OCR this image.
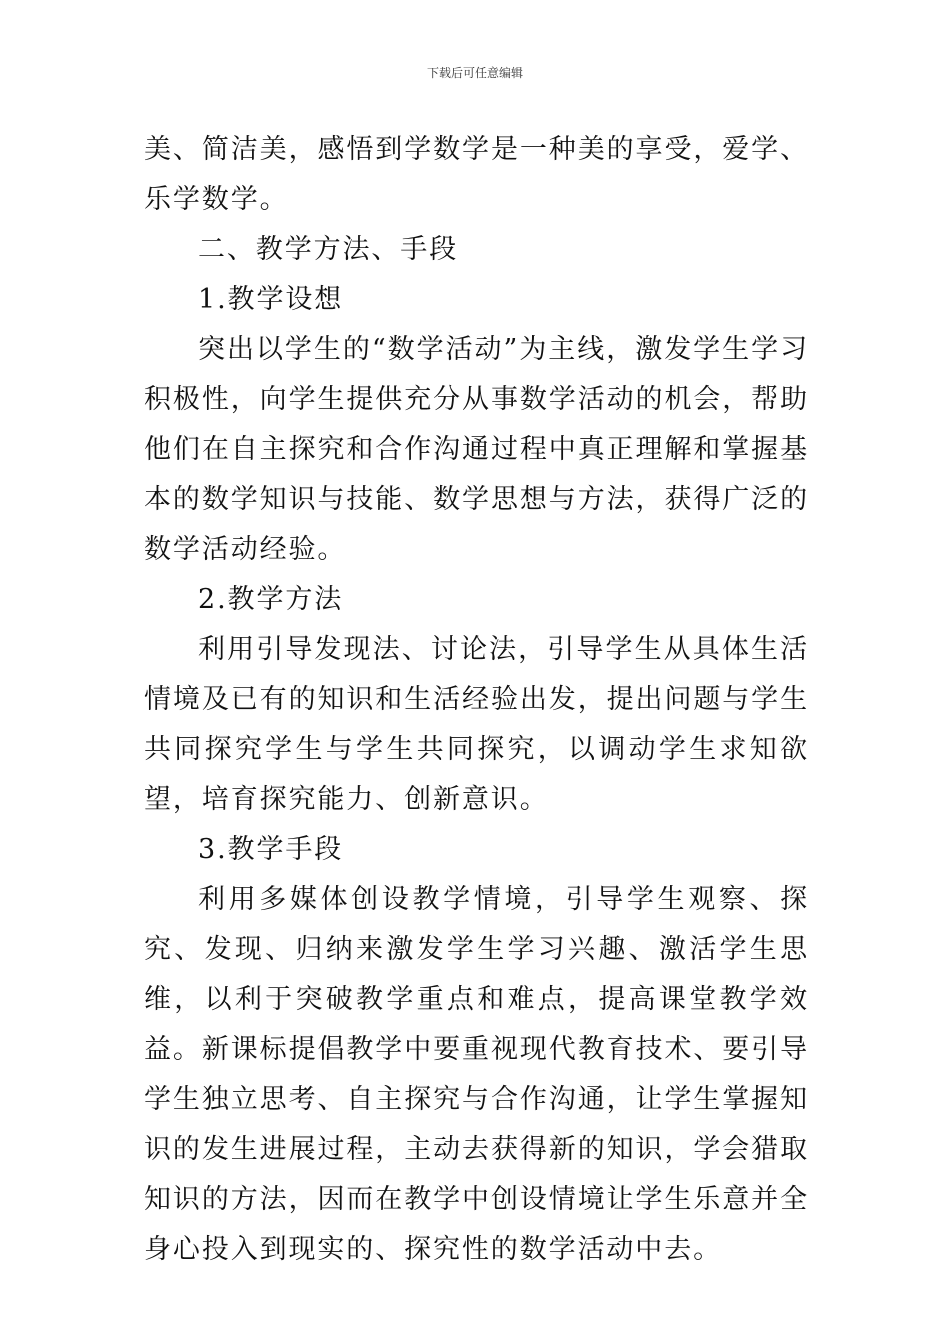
下载后可任意编辑

美、简洁美，感悟到学数学是一种美的享受，爱学、乐学数学。

二、教学方法、手段

1.教学设想

突出以学生的“数学活动”为主线，激发学生学习积极性，向学生提供充分从事数学活动的机会，帮助他们在自主探究和合作沟通过程中真正理解和掌握基本的数学知识与技能、数学思想与方法，获得广泛的数学活动经验。

2.教学方法

利用引导发现法、讨论法，引导学生从具体生活情境及已有的知识和生活经验出发，提出问题与学生共同探究学生与学生共同探究，以调动学生求知欲望，培育探究能力、创新意识。

3.教学手段

利用多媒体创设教学情境，引导学生观察、探究、发现、归纳来激发学生学习兴趣、激活学生思维，以利于突破教学重点和难点，提高课堂教学效益。新课标提倡教学中要重视现代教育技术、要引导学生独立思考、自主探究与合作沟通，让学生掌握知识的发生进展过程，主动去获得新的知识，学会猎取知识的方法，因而在教学中创设情境让学生乐意并全身心投入到现实的、探究性的数学活动中去。
